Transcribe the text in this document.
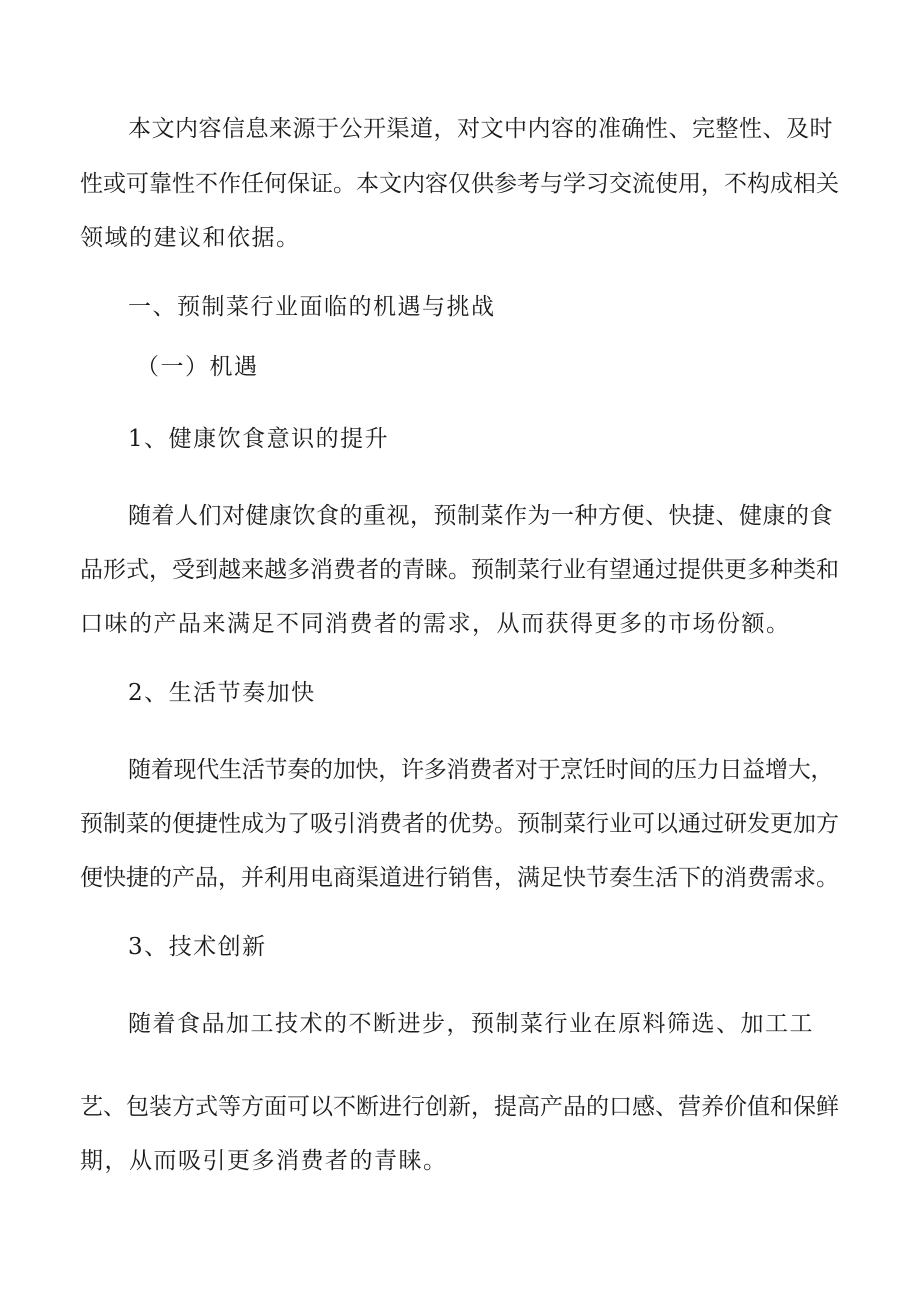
本文内容信息来源于公开渠道，对文中内容的准确性、完整性、及时
性或可靠性不作任何保证。本文内容仅供参考与学习交流使用，不构成相关
领域的建议和依据。
一、预制菜行业面临的机遇与挑战
（一）机遇
1、健康饮食意识的提升
随着人们对健康饮食的重视，预制菜作为一种方便、快捷、健康的食
品形式，受到越来越多消费者的青睐。预制菜行业有望通过提供更多种类和
口味的产品来满足不同消费者的需求，从而获得更多的市场份额。
2、生活节奏加快
随着现代生活节奏的加快，许多消费者对于烹饪时间的压力日益增大，
预制菜的便捷性成为了吸引消费者的优势。预制菜行业可以通过研发更加方
便快捷的产品，并利用电商渠道进行销售，满足快节奏生活下的消费需求。
3、技术创新
随着食品加工技术的不断进步，预制菜行业在原料筛选、加工工
艺、包装方式等方面可以不断进行创新，提高产品的口感、营养价值和保鲜
期，从而吸引更多消费者的青睐。
